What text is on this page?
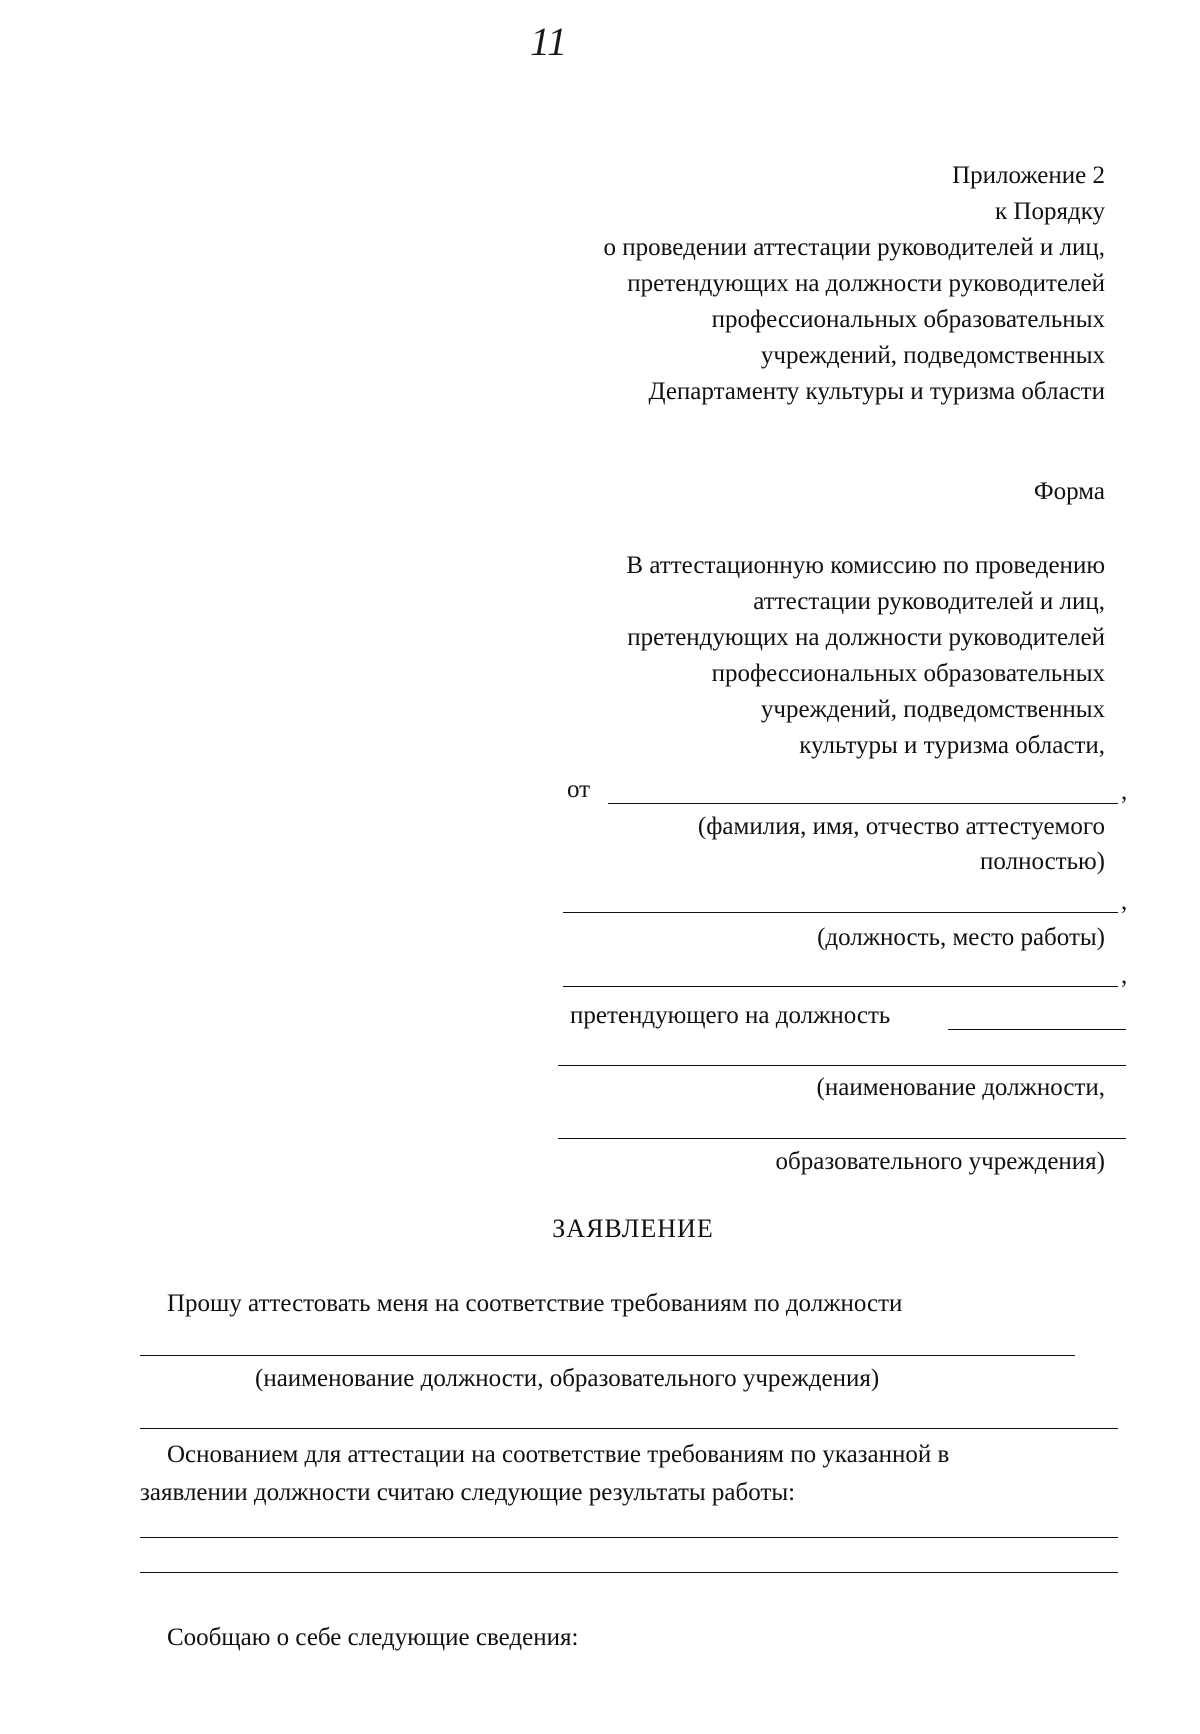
11
Приложение 2
к Порядку
о проведении аттестации руководителей и лиц,
претендующих на должности руководителей
профессиональных образовательных
учреждений, подведомственных
Департаменту культуры и туризма области
Форма
В аттестационную комиссию по проведению
аттестации руководителей и лиц,
претендующих на должности руководителей
профессиональных образовательных
учреждений, подведомственных
культуры и туризма области,
от	,
(фамилия, имя, отчество аттестуемого
полностью)
,
(должность, место работы)
,
претендующего на должность
(наименование должности,
образовательного учреждения)
ЗАЯВЛЕНИЕ
Прошу аттестовать меня на соответствие требованиям по должности
(наименование должности, образовательного учреждения)
Основанием для аттестации на соответствие требованиям по указанной в
заявлении должности считаю следующие результаты работы:
Сообщаю о себе следующие сведения:
